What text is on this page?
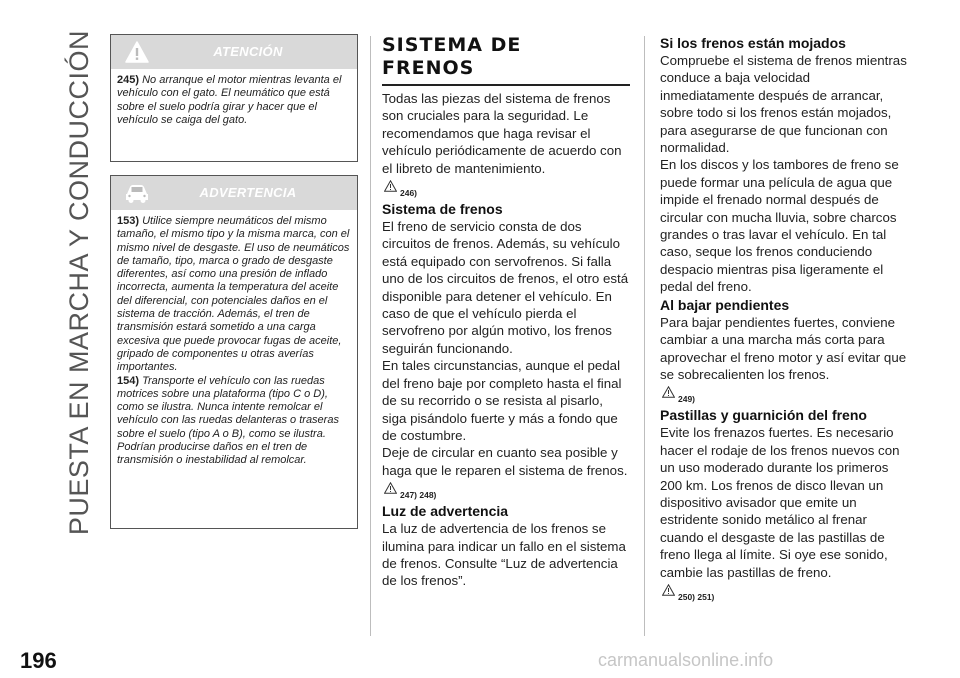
PUESTA EN MARCHA Y CONDUCCIÓN	ATENCIÓN
245) No arranque el motor mientras levanta el vehículo con el gato. El neumático que está sobre el suelo podría girar y hacer que el vehículo se caiga del gato.
ADVERTENCIA
153) Utilice siempre neumáticos del mismo tamaño, el mismo tipo y la misma marca, con el mismo nivel de desgaste. El uso de neumáticos de tamaño, tipo, marca o grado de desgaste diferentes, así como una presión de inflado incorrecta, aumenta la temperatura del aceite del diferencial, con potenciales daños en el sistema de tracción. Además, el tren de transmisión estará sometido a una carga excesiva que puede provocar fugas de aceite, gripado de componentes u otras averías importantes.
154) Transporte el vehículo con las ruedas motrices sobre una plataforma (tipo C o D), como se ilustra. Nunca intente remolcar el vehículo con las ruedas delanteras o traseras sobre el suelo (tipo A o B), como se ilustra. Podrían producirse daños en el tren de transmisión o inestabilidad al remolcar.
SISTEMA DE
FRENOS

Todas las piezas del sistema de frenos son cruciales para la seguridad. Le recomendamos que haga revisar el vehículo periódicamente de acuerdo con el libreto de mantenimiento.

246)
Sistema de frenos

El freno de servicio consta de dos circuitos de frenos. Además, su vehículo está equipado con servofrenos. Si falla uno de los circuitos de frenos, el otro está disponible para detener el vehículo. En caso de que el vehículo pierda el servofreno por algún motivo, los frenos seguirán funcionando.

En tales circunstancias, aunque el pedal del freno baje por completo hasta el final de su recorrido o se resista al pisarlo, siga pisándolo fuerte y más a fondo que de costumbre.

Deje de circular en cuanto sea posible y haga que le reparen el sistema de frenos.

247) 248)
Luz de advertencia

La luz de advertencia de los frenos se ilumina para indicar un fallo en el sistema de frenos. Consulte “Luz de advertencia de los frenos”.

Si los frenos están mojados

Compruebe el sistema de frenos mientras conduce a baja velocidad inmediatamente después de arrancar, sobre todo si los frenos están mojados, para asegurarse de que funcionan con normalidad.

En los discos y los tambores de freno se puede formar una película de agua que impide el frenado normal después de circular con mucha lluvia, sobre charcos grandes o tras lavar el vehículo. En tal caso, seque los frenos conduciendo despacio mientras pisa ligeramente el pedal del freno.

Al bajar pendientes

Para bajar pendientes fuertes, conviene cambiar a una marcha más corta para aprovechar el freno motor y así evitar que se sobrecalienten los frenos.

249)
Pastillas y guarnición del freno

Evite los frenazos fuertes. Es necesario hacer el rodaje de los frenos nuevos con un uso moderado durante los primeros 200 km. Los frenos de disco llevan un dispositivo avisador que emite un estridente sonido metálico al frenar cuando el desgaste de las pastillas de freno llega al límite. Si oye ese sonido, cambie las pastillas de freno.

250) 251)
196	carmanualsonline.info
